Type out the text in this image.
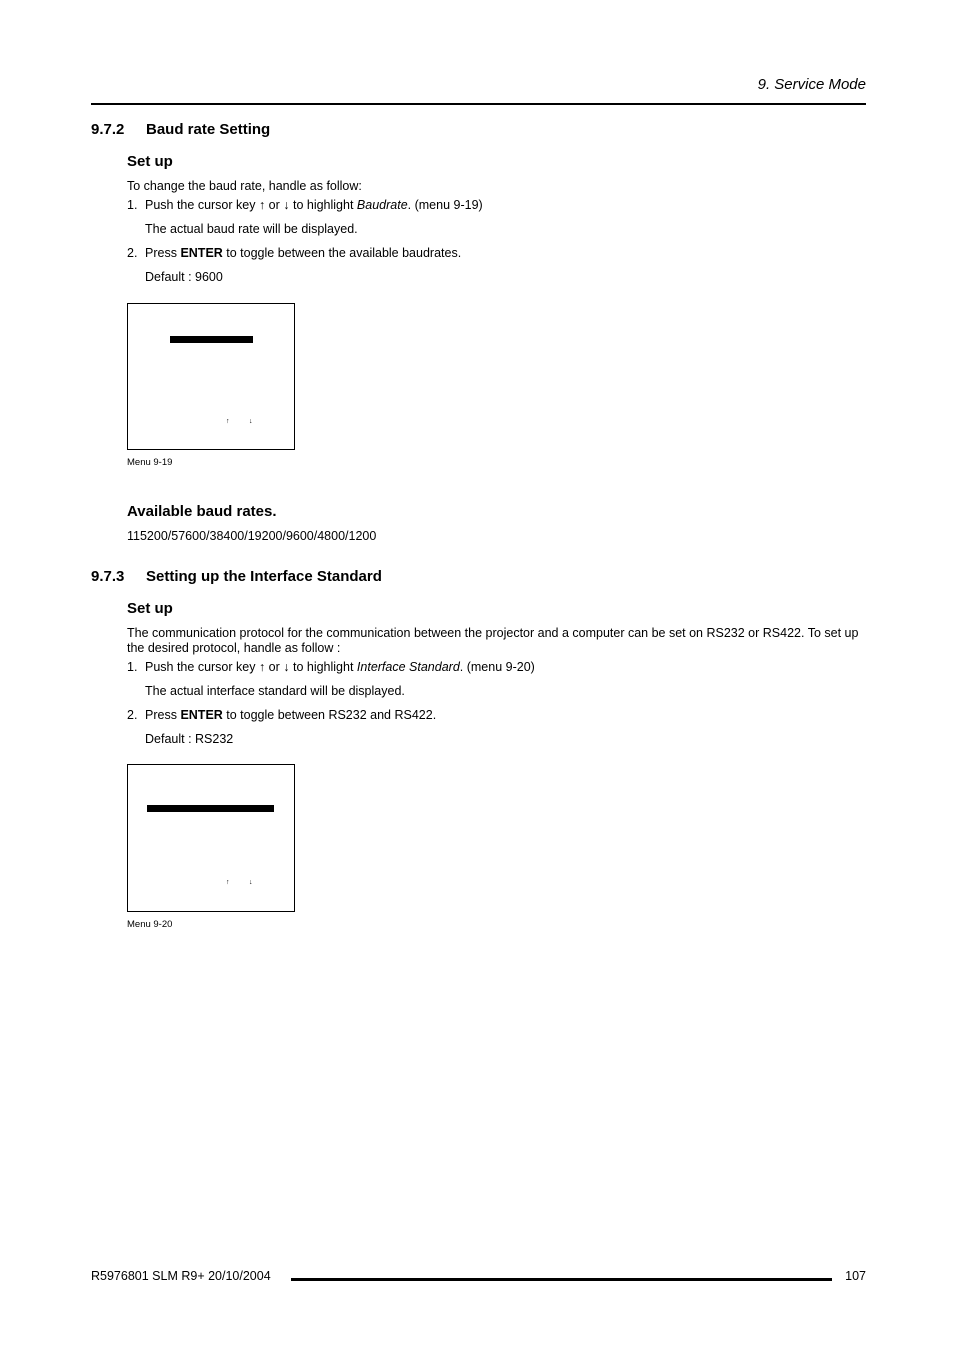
9. Service Mode
9.7.2 Baud rate Setting
Set up
To change the baud rate, handle as follow:
1. Push the cursor key ↑ or ↓ to highlight Baudrate. (menu 9-19)
The actual baud rate will be displayed.
2. Press ENTER to toggle between the available baudrates.
Default : 9600
↑	↓
Menu 9-19
Available baud rates.
115200/57600/38400/19200/9600/4800/1200
9.7.3 Setting up the Interface Standard
Set up
The communication protocol for the communication between the projector and a computer can be set on RS232 or RS422. To set up the desired protocol, handle as follow :
1. Push the cursor key ↑ or ↓ to highlight Interface Standard. (menu 9-20)
The actual interface standard will be displayed.
2. Press ENTER to toggle between RS232 and RS422.
Default : RS232
↑	↓
Menu 9-20
R5976801 SLM R9+ 20/10/2004	107
